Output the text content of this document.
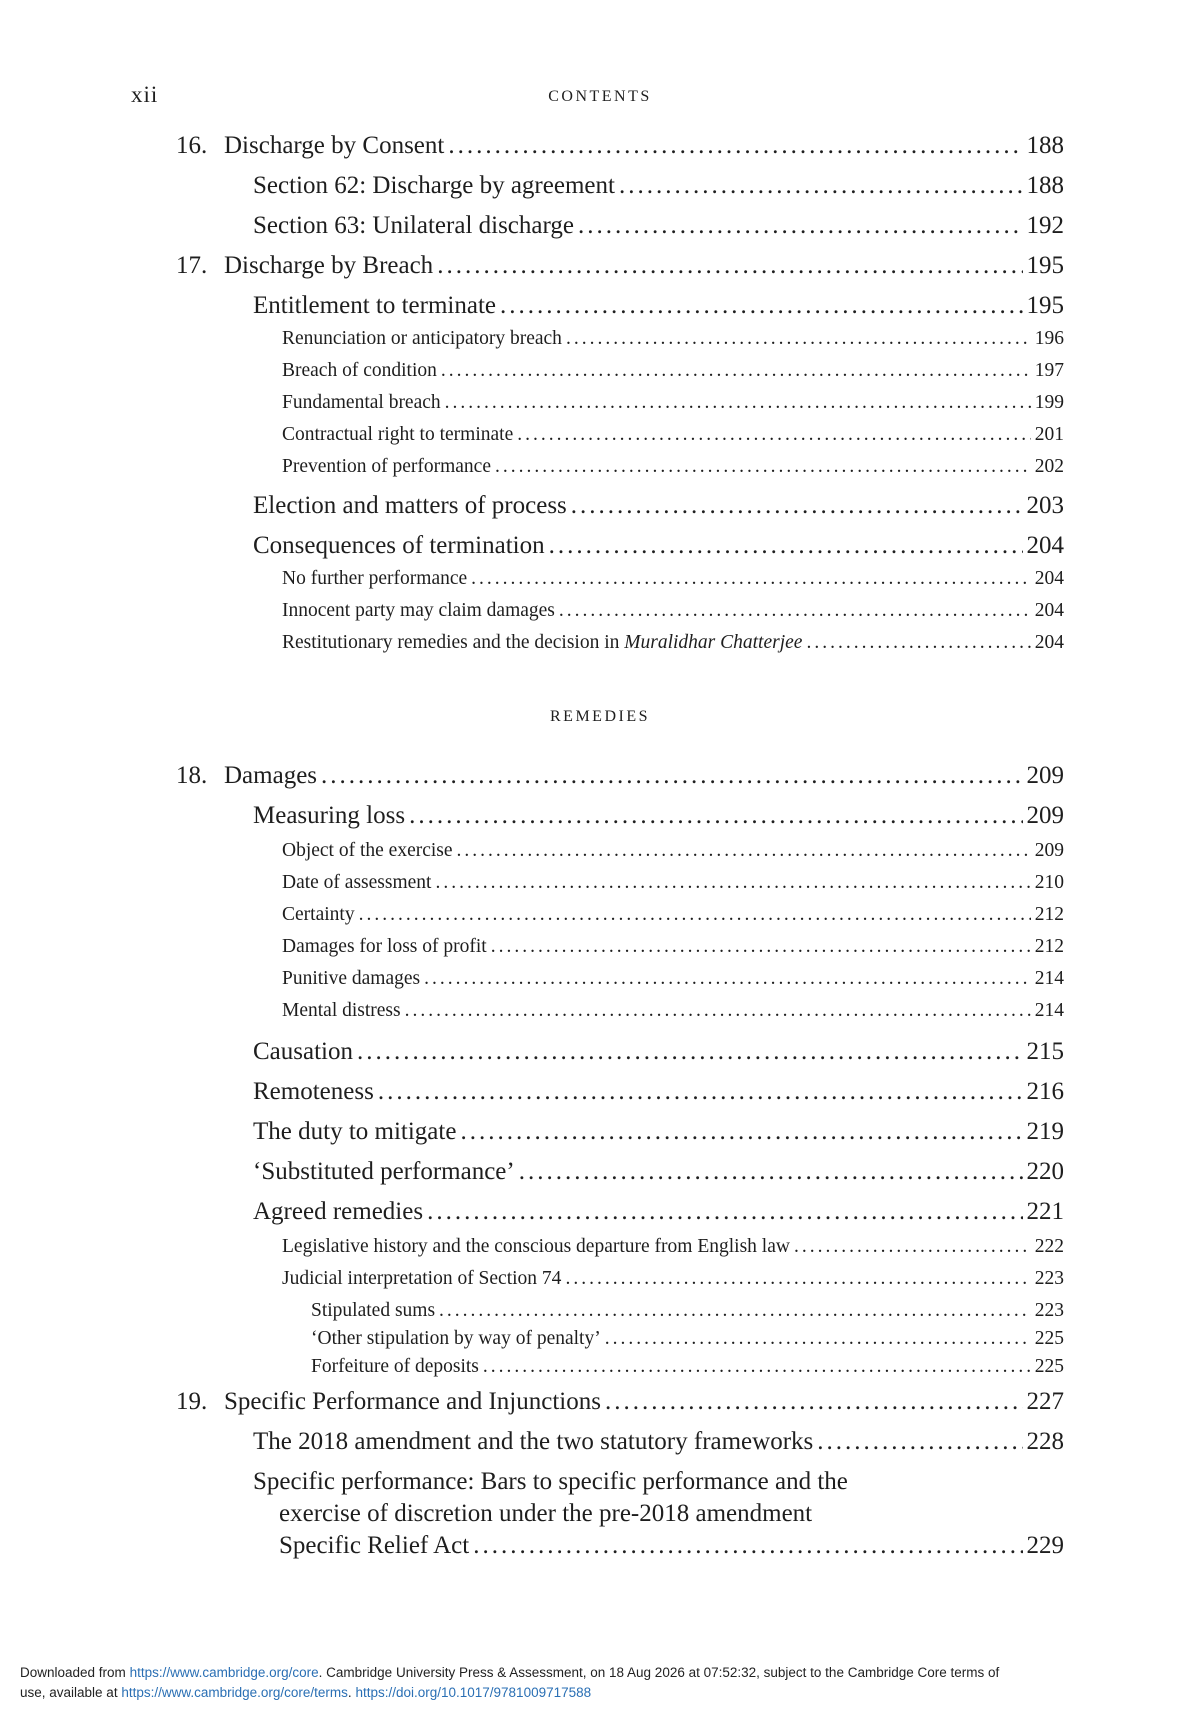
xii	CONTENTS
16. Discharge by Consent .....	188
Section 62: Discharge by agreement .....	188
Section 63: Unilateral discharge .....	192
17. Discharge by Breach .....	195
Entitlement to terminate .....	195
Renunciation or anticipatory breach .....	196
Breach of condition .....	197
Fundamental breach .....	199
Contractual right to terminate .....	201
Prevention of performance .....	202
Election and matters of process .....	203
Consequences of termination .....	204
No further performance .....	204
Innocent party may claim damages .....	204
Restitutionary remedies and the decision in Muralidhar Chatterjee .....	204
REMEDIES
18. Damages .....	209
Measuring loss .....	209
Object of the exercise .....	209
Date of assessment .....	210
Certainty .....	212
Damages for loss of profit .....	212
Punitive damages .....	214
Mental distress .....	214
Causation .....	215
Remoteness .....	216
The duty to mitigate .....	219
‘Substituted performance’ .....	220
Agreed remedies .....	221
Legislative history and the conscious departure from English law .....	222
Judicial interpretation of Section 74 .....	223
Stipulated sums .....	223
‘Other stipulation by way of penalty’ .....	225
Forfeiture of deposits .....	225
19. Specific Performance and Injunctions .....	227
The 2018 amendment and the two statutory frameworks .....	228
Specific performance: Bars to specific performance and the
exercise of discretion under the pre-2018 amendment
Specific Relief Act .....	229
Downloaded from https://www.cambridge.org/core. Cambridge University Press & Assessment, on 18 Aug 2026 at 07:52:32, subject to the Cambridge Core terms of
use, available at https://www.cambridge.org/core/terms. https://doi.org/10.1017/9781009717588
